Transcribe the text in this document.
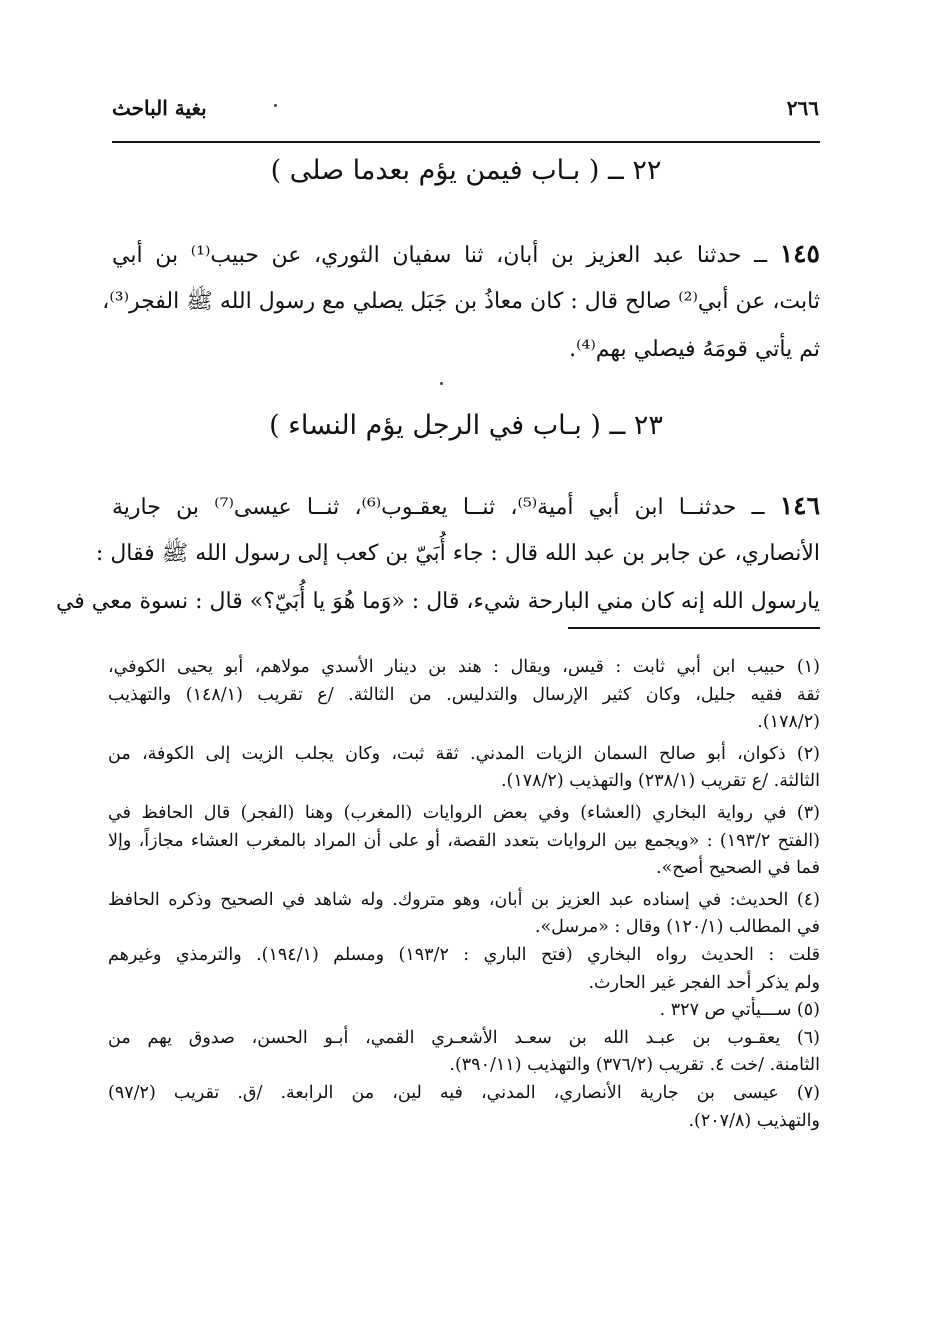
٢٦٦
بغية الباحث
٢٢ ــ ( بـاب فيمن يؤم بعدما صلى )
١٤٥ ــ حدثنا عبد العزيز بن أبان، ثنا سفيان الثوري، عن حبيب⁽¹⁾ بن أبي
ثابت، عن أبي⁽²⁾ صالح قال : كان معاذُ بن جَبَل يصلي مع رسول الله ﷺ الفجر⁽³⁾،
ثم يأتي قومَهُ فيصلي بهم⁽⁴⁾.
٢٣ ــ ( بـاب في الرجل يؤم النساء )
١٤٦ ــ حدثنــا ابن أبي أمية⁽⁵⁾، ثنــا يعقـوب⁽⁶⁾، ثنــا عيسى⁽⁷⁾ بن جارية
الأنصاري، عن جابر بن عبد الله قال : جاء أُبَيّ بن كعب إلى رسول الله ﷺ فقال :
يارسول الله إنه كان مني البارحة شيء، قال : «وَما هُوَ يا أُبَيّ؟» قال : نسوة معي في
(١) حبيب ابن أبي ثابت : قيس، ويقال : هند بن دينار الأسدي مولاهم، أبو يحيى الكوفي،
ثقة فقيه جليل، وكان كثير الإرسال والتدليس. من الثالثة. /ع تقريب (١٤٨/١) والتهذيب
(١٧٨/٢).
(٢) ذكوان، أبو صالح السمان الزيات المدني. ثقة ثبت، وكان يجلب الزيت إلى الكوفة، من
الثالثة. /ع تقريب (٢٣٨/١) والتهذيب (١٧٨/٢).
(٣) في رواية البخاري (العشاء) وفي بعض الروايات (المغرب) وهنا (الفجر) قال الحافظ في
(الفتح ١٩٣/٢) : «ويجمع بين الروايات بتعدد القصة، أو على أن المراد بالمغرب العشاء مجازاً، وإلا
فما في الصحيح أصح».
(٤) الحديث: في إسناده عبد العزيز بن أبان، وهو متروك. وله شاهد في الصحيح وذكره الحافظ
في المطالب (١٢٠/١) وقال : «مرسل».
قلت : الحديث رواه البخاري (فتح الباري : ١٩٣/٢) ومسلم (١٩٤/١). والترمذي وغيرهم
ولم يذكر أحد الفجر غير الحارث.
(٥) ســـيأتي ص ٣٢٧ .
(٦) يعقـوب بن عبـد الله بن سعـد الأشعـري القمي، أبـو الحسن، صدوق يهم من
الثامنة. /خت ٤. تقريب (٣٧٦/٢) والتهذيب (٣٩٠/١١).
(٧) عيسى بن جارية الأنصاري، المدني، فيه لين، من الرابعة. /ق. تقريب (٩٧/٢)
والتهذيب (٢٠٧/٨).
